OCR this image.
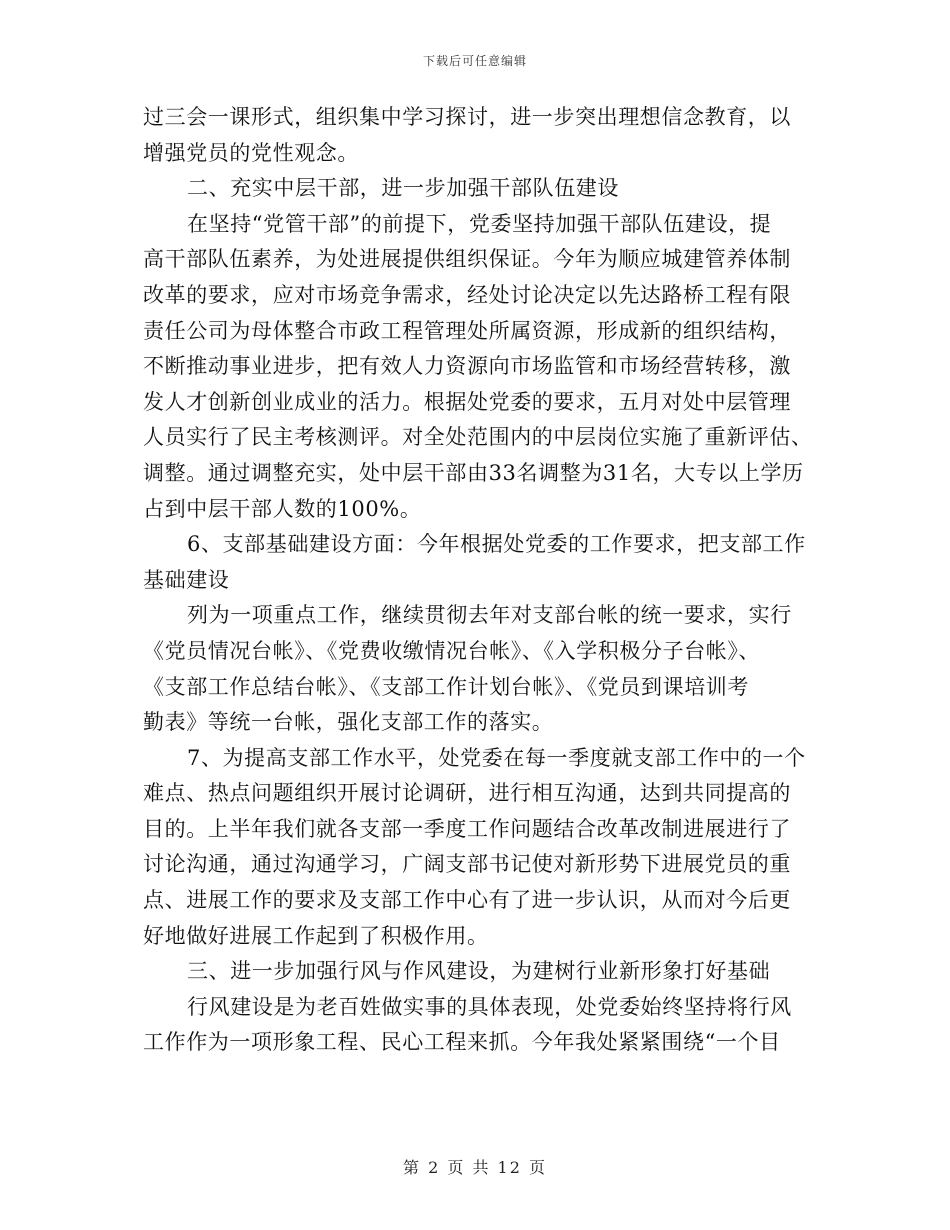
下载后可任意编辑
过三会一课形式，组织集中学习探讨，进一步突出理想信念教育，以
增强党员的党性观念。
二、充实中层干部，进一步加强干部队伍建设
在坚持“党管干部”的前提下，党委坚持加强干部队伍建设，提
高干部队伍素养，为处进展提供组织保证。今年为顺应城建管养体制
改革的要求，应对市场竞争需求，经处讨论决定以先达路桥工程有限
责任公司为母体整合市政工程管理处所属资源，形成新的组织结构，
不断推动事业进步，把有效人力资源向市场监管和市场经营转移，激
发人才创新创业成业的活力。根据处党委的要求，五月对处中层管理
人员实行了民主考核测评。对全处范围内的中层岗位实施了重新评估、
调整。通过调整充实，处中层干部由33名调整为31名，大专以上学历
占到中层干部人数的100%。
6、支部基础建设方面：今年根据处党委的工作要求，把支部工作
基础建设
列为一项重点工作，继续贯彻去年对支部台帐的统一要求，实行
《党员情况台帐》、《党费收缴情况台帐》、《入学积极分子台帐》、
《支部工作总结台帐》、《支部工作计划台帐》、《党员到课培训考
勤表》等统一台帐，强化支部工作的落实。
7、为提高支部工作水平，处党委在每一季度就支部工作中的一个
难点、热点问题组织开展讨论调研，进行相互沟通，达到共同提高的
目的。上半年我们就各支部一季度工作问题结合改革改制进展进行了
讨论沟通，通过沟通学习，广阔支部书记使对新形势下进展党员的重
点、进展工作的要求及支部工作中心有了进一步认识，从而对今后更
好地做好进展工作起到了积极作用。
三、进一步加强行风与作风建设，为建树行业新形象打好基础
行风建设是为老百姓做实事的具体表现，处党委始终坚持将行风
工作作为一项形象工程、民心工程来抓。今年我处紧紧围绕“一个目
第 2 页 共 12 页
